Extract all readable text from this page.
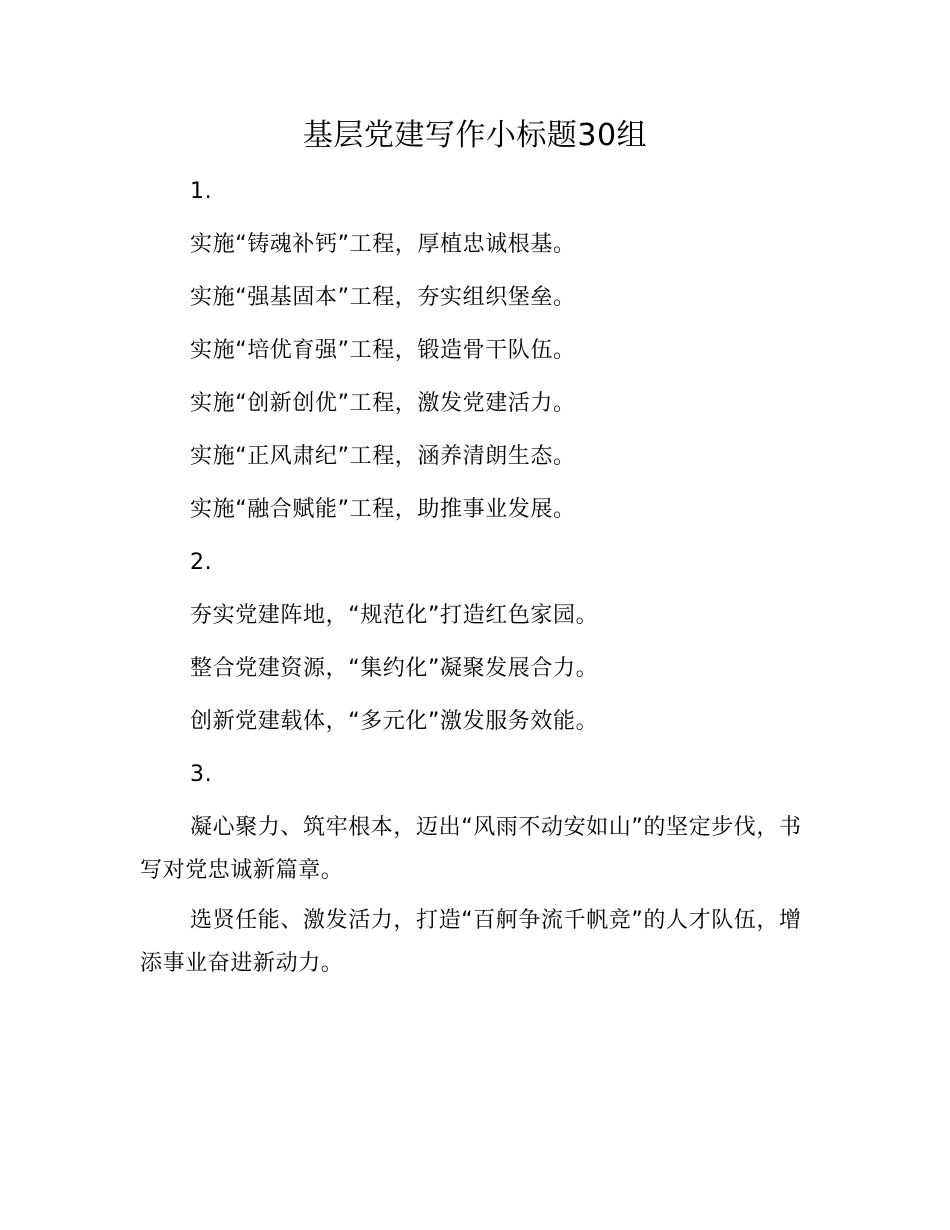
基层党建写作小标题30组

1.

实施“铸魂补钙”工程，厚植忠诚根基。

实施“强基固本”工程，夯实组织堡垒。

实施“培优育强”工程，锻造骨干队伍。

实施“创新创优”工程，激发党建活力。

实施“正风肃纪”工程，涵养清朗生态。

实施“融合赋能”工程，助推事业发展。

2.

夯实党建阵地，“规范化”打造红色家园。

整合党建资源，“集约化”凝聚发展合力。

创新党建载体，“多元化”激发服务效能。

3.

凝心聚力、筑牢根本，迈出“风雨不动安如山”的坚定步伐，书写对党忠诚新篇章。

选贤任能、激发活力，打造“百舸争流千帆竞”的人才队伍，增添事业奋进新动力。
